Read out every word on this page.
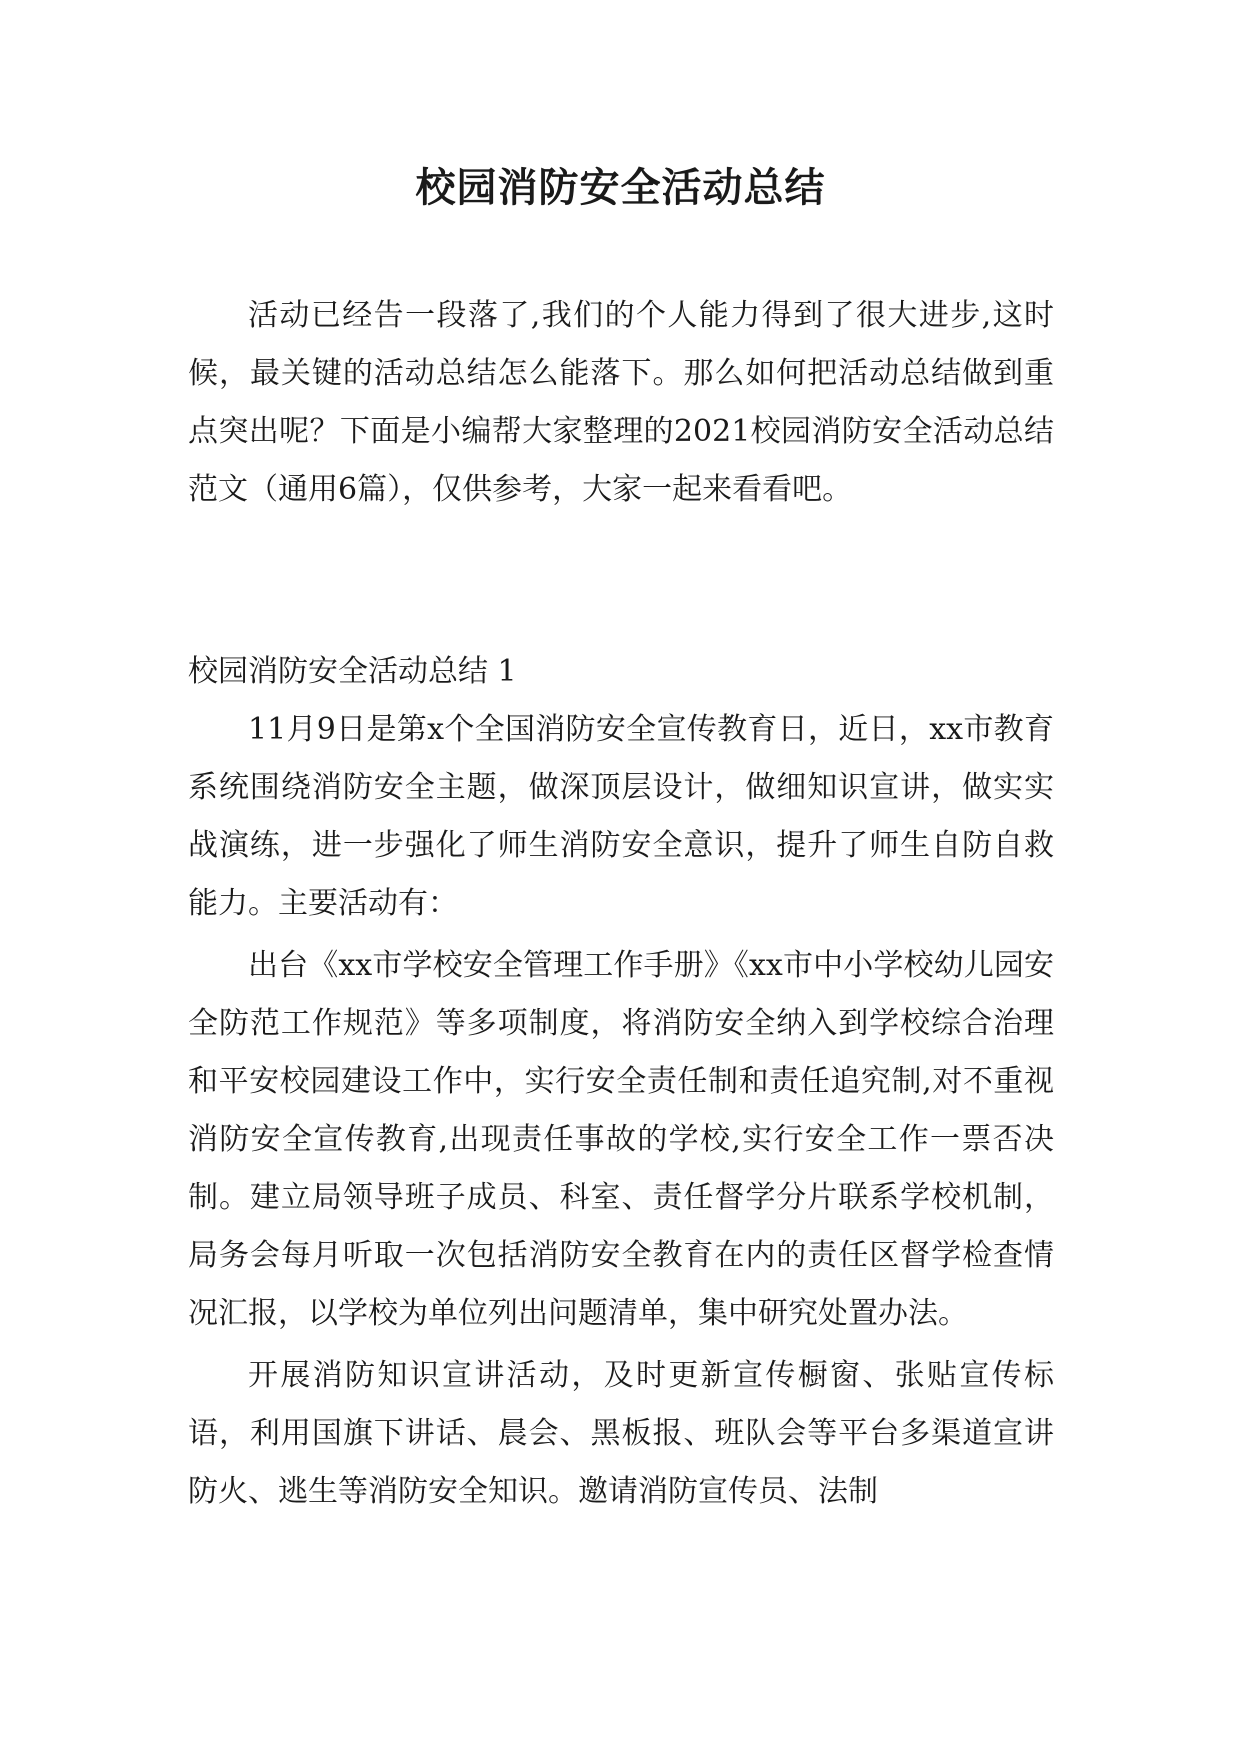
校园消防安全活动总结

活动已经告一段落了,我们的个人能力得到了很大进步,这时候，最关键的活动总结怎么能落下。那么如何把活动总结做到重点突出呢？下面是小编帮大家整理的2021校园消防安全活动总结范文（通用6篇），仅供参考，大家一起来看看吧。

校园消防安全活动总结 1

11月9日是第x个全国消防安全宣传教育日，近日，xx市教育系统围绕消防安全主题，做深顶层设计，做细知识宣讲，做实实战演练，进一步强化了师生消防安全意识，提升了师生自防自救能力。主要活动有：

出台《xx市学校安全管理工作手册》《xx市中小学校幼儿园安全防范工作规范》等多项制度，将消防安全纳入到学校综合治理和平安校园建设工作中，实行安全责任制和责任追究制,对不重视消防安全宣传教育,出现责任事故的学校,实行安全工作一票否决制。建立局领导班子成员、科室、责任督学分片联系学校机制，局务会每月听取一次包括消防安全教育在内的责任区督学检查情况汇报，以学校为单位列出问题清单，集中研究处置办法。

开展消防知识宣讲活动，及时更新宣传橱窗、张贴宣传标语，利用国旗下讲话、晨会、黑板报、班队会等平台多渠道宣讲防火、逃生等消防安全知识。邀请消防宣传员、法制
